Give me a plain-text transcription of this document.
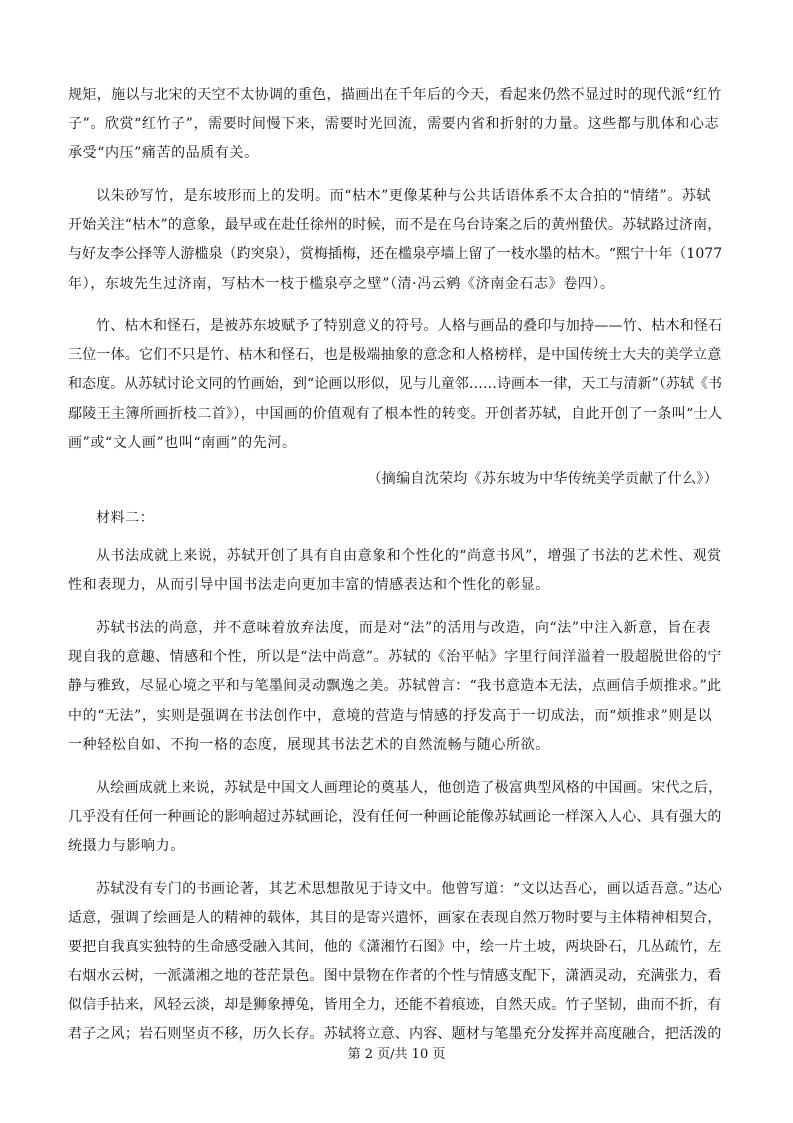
规矩，施以与北宋的天空不太协调的重色，描画出在千年后的今天，看起来仍然不显过时的现代派“红竹
子”。欣赏“红竹子”，需要时间慢下来，需要时光回流，需要内省和折射的力量。这些都与肌体和心志
承受“内压”痛苦的品质有关。
以朱砂写竹，是东坡形而上的发明。而“枯木”更像某种与公共话语体系不太合拍的“情绪”。苏轼
开始关注“枯木”的意象，最早或在赴任徐州的时候，而不是在乌台诗案之后的黄州蛰伏。苏轼路过济南，
与好友李公择等人游槛泉（趵突泉），赏梅插梅，还在槛泉亭墙上留了一枝水墨的枯木。“熙宁十年（1077
年），东坡先生过济南，写枯木一枝于槛泉亭之壁”（清·冯云鹓《济南金石志》卷四）。
竹、枯木和怪石，是被苏东坡赋予了特别意义的符号。人格与画品的叠印与加持——竹、枯木和怪石
三位一体。它们不只是竹、枯木和怪石，也是极端抽象的意念和人格榜样，是中国传统士大夫的美学立意
和态度。从苏轼讨论文同的竹画始，到“论画以形似，见与儿童邻……诗画本一律，天工与清新”（苏轼《书
鄢陵王主簿所画折枝二首》），中国画的价值观有了根本性的转变。开创者苏轼，自此开创了一条叫“士人
画”或“文人画”也叫“南画”的先河。
（摘编自沈荣均《苏东坡为中华传统美学贡献了什么》）
材料二：
从书法成就上来说，苏轼开创了具有自由意象和个性化的“尚意书风”，增强了书法的艺术性、观赏
性和表现力，从而引导中国书法走向更加丰富的情感表达和个性化的彰显。
苏轼书法的尚意，并不意味着放弃法度，而是对“法”的活用与改造，向“法”中注入新意，旨在表
现自我的意趣、情感和个性，所以是“法中尚意”。苏轼的《治平帖》字里行间洋溢着一股超脱世俗的宁
静与雅致，尽显心境之平和与笔墨间灵动飘逸之美。苏轼曾言：“我书意造本无法，点画信手烦推求。”此
中的“无法”，实则是强调在书法创作中，意境的营造与情感的抒发高于一切成法，而“烦推求”则是以
一种轻松自如、不拘一格的态度，展现其书法艺术的自然流畅与随心所欲。
从绘画成就上来说，苏轼是中国文人画理论的奠基人，他创造了极富典型风格的中国画。宋代之后，
几乎没有任何一种画论的影响超过苏轼画论，没有任何一种画论能像苏轼画论一样深入人心、具有强大的
统摄力与影响力。
苏轼没有专门的书画论著，其艺术思想散见于诗文中。他曾写道：“文以达吾心，画以适吾意。”达心
适意，强调了绘画是人的精神的载体，其目的是寄兴遣怀，画家在表现自然万物时要与主体精神相契合，
要把自我真实独特的生命感受融入其间，他的《潇湘竹石图》中，绘一片土坡，两块卧石，几丛疏竹，左
右烟水云树，一派潇湘之地的苍茫景色。图中景物在作者的个性与情感支配下，潇洒灵动，充满张力，看
似信手拈来，风轻云淡，却是狮象搏兔，皆用全力，还能不着痕迹，自然天成。竹子坚韧，曲而不折，有
君子之风；岩石则坚贞不移，历久长存。苏轼将立意、内容、题材与笔墨充分发挥并高度融合，把活泼的
第 2 页/共 10 页
